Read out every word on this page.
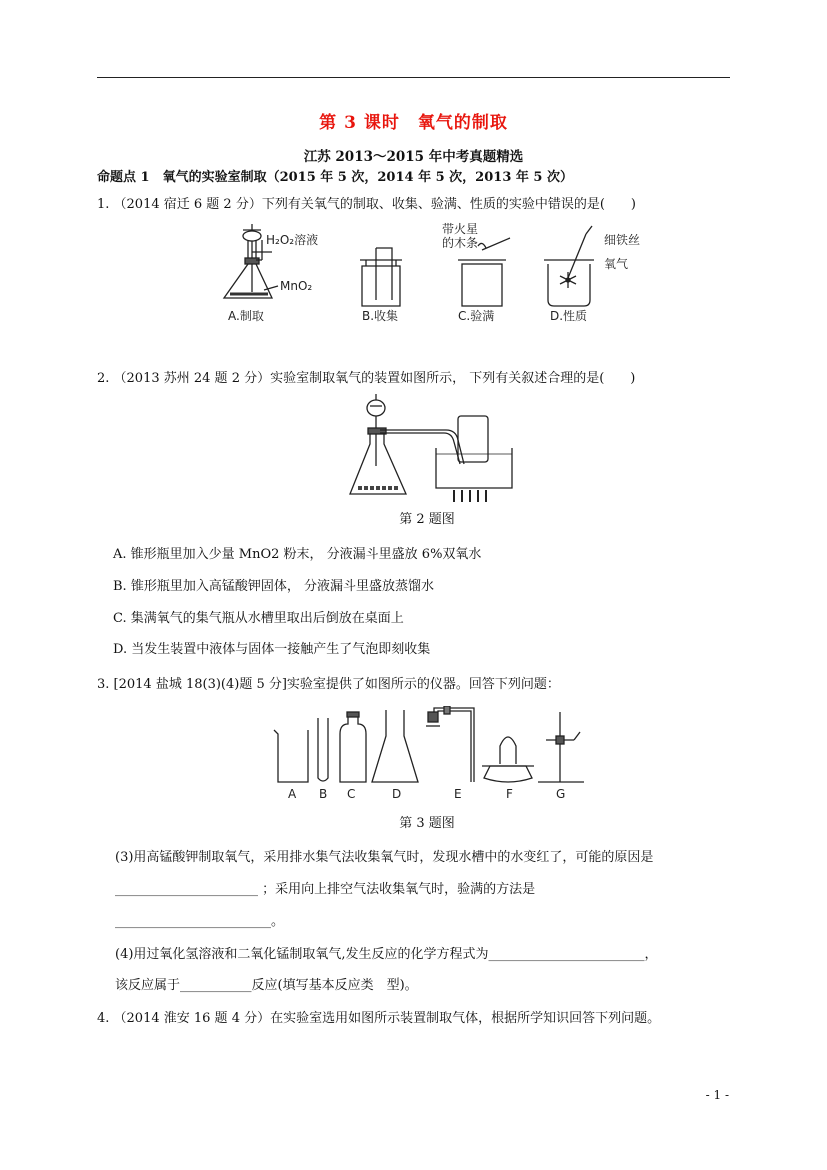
第 3 课时　氧气的制取
江苏 2013～2015 年中考真题精选
命题点 1　氧气的实验室制取（2015 年 5 次，2014 年 5 次，2013 年 5 次）
1. （2014 宿迁 6 题 2 分）下列有关氧气的制取、收集、验满、性质的实验中错误的是(　　)
H₂O₂溶液
MnO₂
带火星
的木条	细铁丝
氧气
A.制取	B.收集	C.验满	D.性质
2. （2013 苏州 24 题 2 分）实验室制取氧气的装置如图所示， 下列有关叙述合理的是(　　)
第 2 题图
A. 锥形瓶里加入少量 MnO2 粉末， 分液漏斗里盛放 6%双氧水
B. 锥形瓶里加入高锰酸钾固体， 分液漏斗里盛放蒸馏水
C. 集满氧气的集气瓶从水槽里取出后倒放在桌面上
D. 当发生装置中液体与固体一接触产生了气泡即刻收集
3. [2014 盐城 18(3)(4)题 5 分]实验室提供了如图所示的仪器。回答下列问题：
A B C	D	E	F	G
第 3 题图
(3)用高锰酸钾制取氧气，采用排水集气法收集氧气时，发现水槽中的水变红了，可能的原因是
______________________ ；采用向上排空气法收集氧气时，验满的方法是
________________________。
(4)用过氧化氢溶液和二氧化锰制取氧气,发生反应的化学方程式为________________________，
该反应属于___________反应(填写基本反应类　型)。
4. （2014 淮安 16 题 4 分）在实验室选用如图所示装置制取气体，根据所学知识回答下列问题。
- 1 -
